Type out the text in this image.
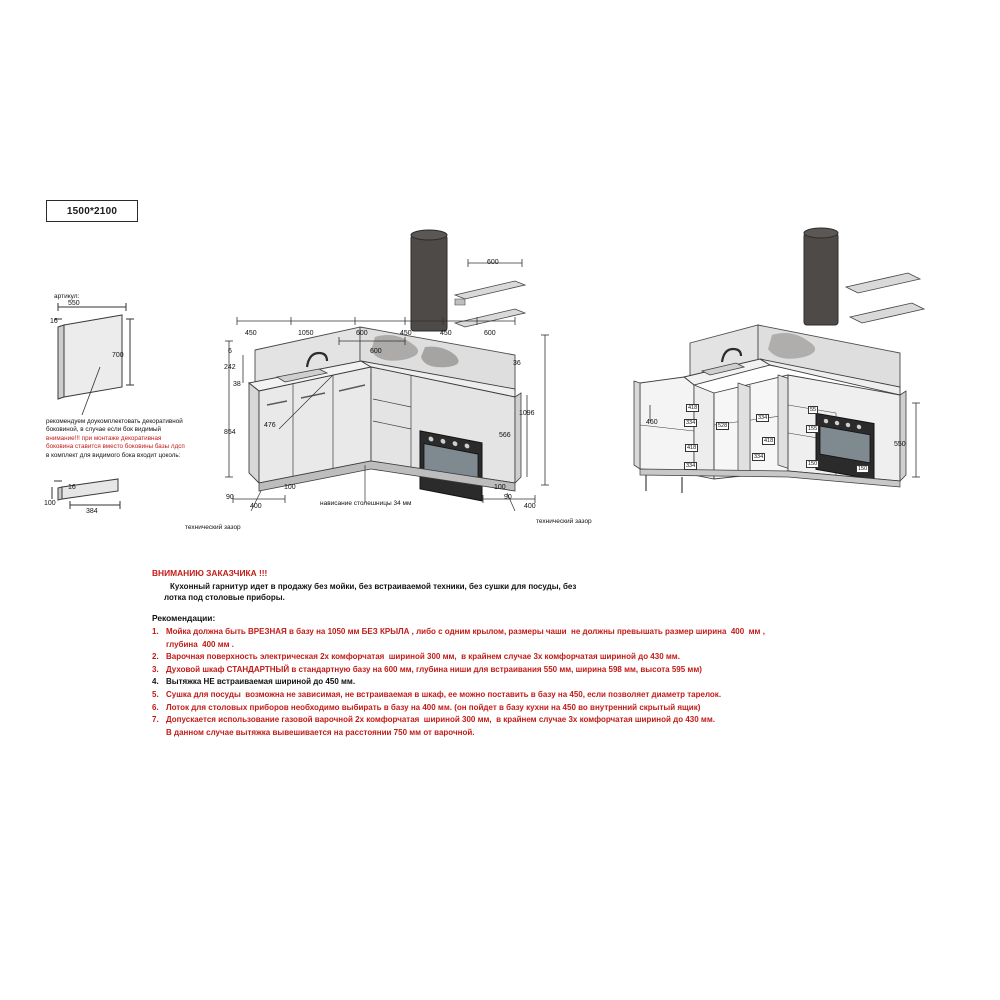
1500*2100
артикул:
550
16
700
16
100
384
рекомендуем доукомплектовать декоративной
боковиной, в случае если бок видимый
внимание!!! при монтаже декоративная
боковина ставится вместо боковины базы лдсп
в комплект для видимого бока входит цоколь:
450	1050	600	450	450	600
600
600
6
242
38
854
476
36
1096
566
90
400
100	100
90
400
технический зазор
технический зазор
нависание столешницы 34 мм
460
550
418
334
418
334
528
334
418
334
55
155
150
150
ВНИМАНИЮ ЗАКАЗЧИКА !!!
Кухонный гарнитур идет в продажу без мойки, без встраиваемой техники, без сушки для посуды, без
лотка под столовые приборы.
Рекомендации:
1. Мойка должна быть ВРЕЗНАЯ в базу на 1050 мм БЕЗ КРЫЛА , либо с одним крылом, размеры чаши  не должны превышать размер ширина  400  мм ,
глубина  400 мм .
2. Варочная поверхность электрическая 2х комфорчатая  шириной 300 мм,  в крайнем случае 3х комфорчатая шириной до 430 мм.
3. Духовой шкаф СТАНДАРТНЫЙ в стандартную базу на 600 мм, глубина ниши для встраивания 550 мм, ширина 598 мм, высота 595 мм)
4. Вытяжка НЕ встраиваемая шириной до 450 мм.
5. Сушка для посуды  возможна не зависимая, не встраиваемая в шкаф, ее можно поставить в базу на 450, если позволяет диаметр тарелок.
6. Лоток для столовых приборов необходимо выбирать в базу на 400 мм. (он пойдет в базу кухни на 450 во внутренний скрытый ящик)
7. Допускается использование газовой варочной 2х комфорчатая  шириной 300 мм,  в крайнем случае 3х комфорчатая шириной до 430 мм.
В данном случае вытяжка вывешивается на расстоянии 750 мм от варочной.
